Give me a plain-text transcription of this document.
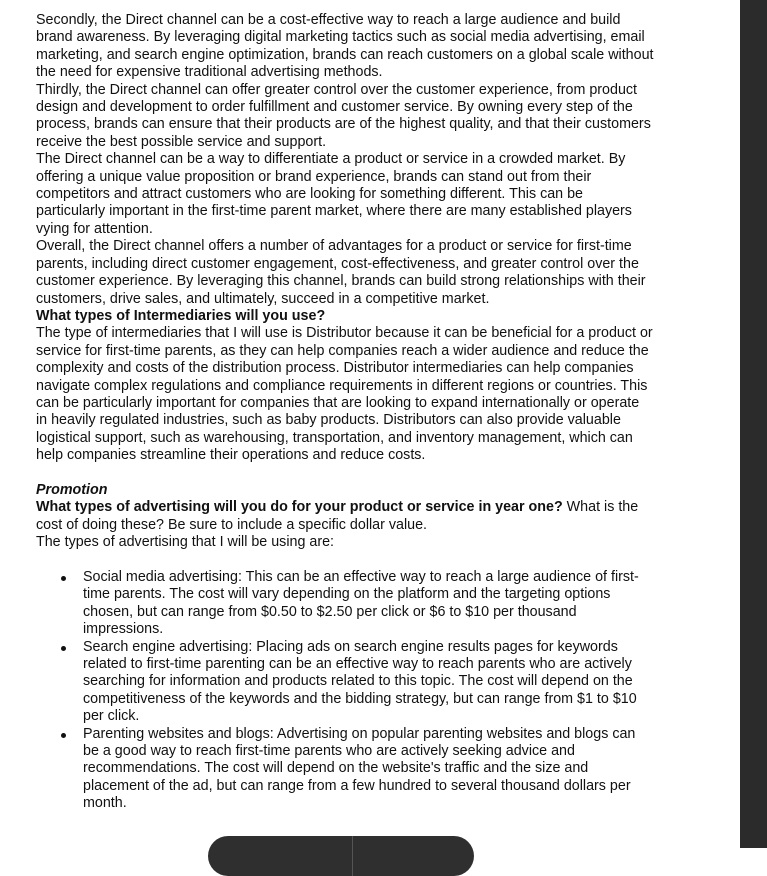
Secondly, the Direct channel can be a cost-effective way to reach a large audience and build brand awareness. By leveraging digital marketing tactics such as social media advertising, email marketing, and search engine optimization, brands can reach customers on a global scale without the need for expensive traditional advertising methods.

Thirdly, the Direct channel can offer greater control over the customer experience, from product design and development to order fulfillment and customer service. By owning every step of the process, brands can ensure that their products are of the highest quality, and that their customers receive the best possible service and support.

The Direct channel can be a way to differentiate a product or service in a crowded market. By offering a unique value proposition or brand experience, brands can stand out from their competitors and attract customers who are looking for something different. This can be particularly important in the first-time parent market, where there are many established players vying for attention.

Overall, the Direct channel offers a number of advantages for a product or service for first-time parents, including direct customer engagement, cost-effectiveness, and greater control over the customer experience. By leveraging this channel, brands can build strong relationships with their customers, drive sales, and ultimately, succeed in a competitive market.

What types of Intermediaries will you use?

The type of intermediaries that I will use is Distributor because it can be beneficial for a product or service for first-time parents, as they can help companies reach a wider audience and reduce the complexity and costs of the distribution process. Distributor intermediaries can help companies navigate complex regulations and compliance requirements in different regions or countries. This can be particularly important for companies that are looking to expand internationally or operate in heavily regulated industries, such as baby products. Distributors can also provide valuable logistical support, such as warehousing, transportation, and inventory management, which can help companies streamline their operations and reduce costs.

Promotion

What types of advertising will you do for your product or service in year one? What is the cost of doing these? Be sure to include a specific dollar value.

The types of advertising that I will be using are:

Social media advertising: This can be an effective way to reach a large audience of first-time parents. The cost will vary depending on the platform and the targeting options chosen, but can range from $0.50 to $2.50 per click or $6 to $10 per thousand impressions.
Search engine advertising: Placing ads on search engine results pages for keywords related to first-time parenting can be an effective way to reach parents who are actively searching for information and products related to this topic. The cost will depend on the competitiveness of the keywords and the bidding strategy, but can range from $1 to $10 per click.
Parenting websites and blogs: Advertising on popular parenting websites and blogs can be a good way to reach first-time parents who are actively seeking advice and recommendations. The cost will depend on the website's traffic and the size and placement of the ad, but can range from a few hundred to several thousand dollars per month.
